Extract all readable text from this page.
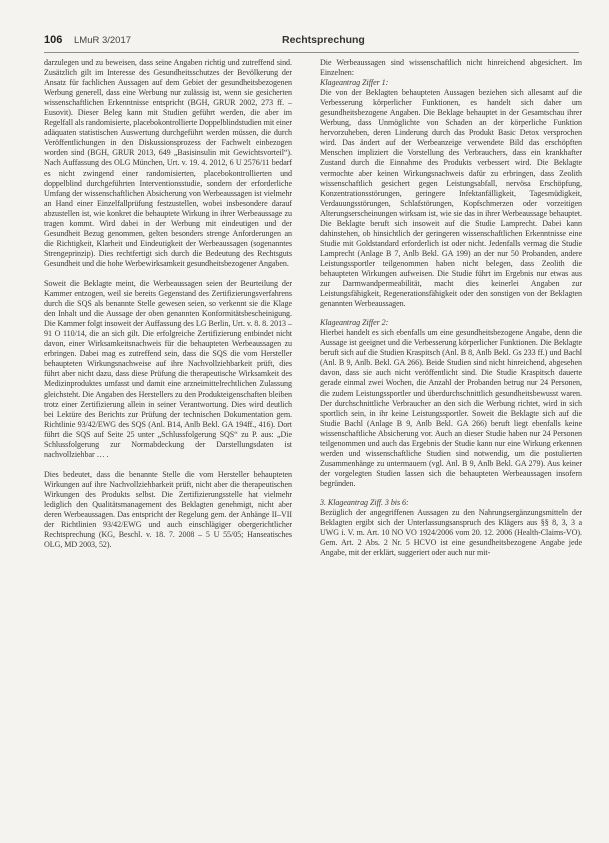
106 LMuR 3/2017	Rechtsprechung

darzulegen und zu beweisen, dass seine Angaben richtig und zutreffend sind. Zusätzlich gilt im Interesse des Gesundheitsschutzes der Bevölkerung der Ansatz für fachlichen Aussagen auf dem Gebiet der gesundheitsbezogenen Werbung generell, dass eine Werbung nur zulässig ist, wenn sie gesicherten wissenschaftlichen Erkenntnisse entspricht (BGH, GRUR 2002, 273 ff. – Eusovit). Dieser Beleg kann mit Studien geführt werden, die aber im Regelfall als randomisierte, placebokontrollierte Doppelblindstudien mit einer adäquaten statistischen Auswertung durchgeführt werden müssen, die durch Veröffentlichungen in den Diskussionsprozess der Fachwelt einbezogen worden sind (BGH, GRUR 2013, 649 „Basisinsulin mit Gewichtsvorteil“). Nach Auffassung des OLG München, Urt. v. 19. 4. 2012, 6 U 2576/11 bedarf es nicht zwingend einer randomisierten, placebokontrollierten und doppelblind durchgeführten Interventionsstudie, sondern der erforderliche Umfang der wissenschaftlichen Absicherung von Werbeaussagen ist vielmehr an Hand einer Einzelfallprüfung festzustellen, wobei insbesondere darauf abzustellen ist, wie konkret die behauptete Wirkung in ihrer Werbeaussage zu tragen kommt. Wird dabei in der Werbung mit eindeutigen und der Gesundheit Bezug genommen, gelten besonders strenge Anforderungen an die Richtigkeit, Klarheit und Eindeutigkeit der Werbeaussagen (sogenanntes Strengeprinzip). Dies rechtfertigt sich durch die Bedeutung des Rechtsguts Gesundheit und die hohe Werbewirksamkeit gesundheitsbezogener Angaben.

Soweit die Beklagte meint, die Werbeaussagen seien der Beurteilung der Kammer entzogen, weil sie bereits Gegenstand des Zertifizierungsverfahrens durch die SQS als benannte Stelle gewesen seien, so verkennt sie die Klage den Inhalt und die Aussage der oben genannten Konformitätsbescheinigung. Die Kammer folgt insoweit der Auffassung des LG Berlin, Urt. v. 8. 8. 2013 – 91 O 110/14, die an sich gilt. Die erfolgreiche Zertifizierung entbindet nicht davon, einer Wirksamkeitsnachweis für die behaupteten Werbeaussagen zu erbringen. Dabei mag es zutreffend sein, dass die SQS die vom Hersteller behaupteten Wirkungsnachweise auf ihre Nachvollziehbarkeit prüft, dies führt aber nicht dazu, dass diese Prüfung die therapeutische Wirksamkeit des Medizinproduktes umfasst und damit eine arzneimittelrechtlichen Zulassung gleichsteht. Die Angaben des Herstellers zu den Produkteigenschaften bleiben trotz einer Zertifizierung allein in seiner Verantwortung. Dies wird deutlich bei Lektüre des Berichts zur Prüfung der technischen Dokumentation gem. Richtlinie 93/42/EWG des SQS (Anl. B14, Anlb Bekl. GA 194ff., 416). Dort führt die SQS auf Seite 25 unter „Schlussfolgerung SQS“ zu P. aus: „Die Schlussfolgerung zur Normabdeckung der Darstellungsdaten ist nachvollziehbar … .

Dies bedeutet, dass die benannte Stelle die vom Hersteller behaupteten Wirkungen auf ihre Nachvollziehbarkeit prüft, nicht aber die therapeutischen Wirkungen des Produkts selbst. Die Zertifizierungsstelle hat vielmehr lediglich den Qualitätsmanagement des Beklagten genehmigt, nicht aber deren Werbeaussagen. Das entspricht der Regelung gem. der Anhänge II–VII der Richtlinien 93/42/EWG und auch einschlägiger obergerichtlicher Rechtsprechung (KG, Beschl. v. 18. 7. 2008 – 5 U 55/05; Hanseatisches OLG, MD 2003, 52).

Die Werbeaussagen sind wissenschaftlich nicht hinreichend abgesichert. Im Einzelnen:

Klageantrag Ziffer 1:

Die von der Beklagten behaupteten Aussagen beziehen sich allesamt auf die Verbesserung körperlicher Funktionen, es handelt sich daher um gesundheitsbezogene Angaben. Die Beklage behauptet in der Gesamtschau ihrer Werbung, dass Unmöglichte von Schaden an der körperliche Funktion hervorzuheben, deren Linderung durch das Produkt Basic Detox versprochen wird. Das ändert auf der Werbeanzeige verwendete Bild das erschöpften Menschen impliziert die Vorstellung des Verbrauchers, dass ein krankhafter Zustand durch die Einnahme des Produkts verbessert wird. Die Beklagte vermochte aber keinen Wirkungsnachweis dafür zu erbringen, dass Zeolith wissenschaftlich gesichert gegen Leistungsabfall, nervösa Erschöpfung, Konzentrationsstörungen, geringere Infektanfälligkeit, Tagesmüdigkeit, Verdauungsstörungen, Schlafstörungen, Kopfschmerzen oder vorzeitigen Alterungserscheinungen wirksam ist, wie sie das in ihrer Werbeaussage behauptet. Die Beklagte beruft sich insoweit auf die Studie Lamprecht. Dabei kann dahinstehen, ob hinsichtlich der geringeren wissenschaftlichen Erkenntnisse eine Studie mit Goldstandard erforderlich ist oder nicht. Jedenfalls vermag die Studie Lamprecht (Anlage B 7, Anlb Bekl. GA 199) an der nur 50 Probanden, andere Leistungssportler teilgenommen haben nicht belegen, dass Zeolith die behaupteten Wirkungen aufweisen. Die Studie führt im Ergebnis nur etwas aus zur Darmwandpermeabilität, macht dies keinerlei Angaben zur Leistungsfähigkeit, Regenerationsfähigkeit oder den sonstigen von der Beklagten genannten Werbeaussagen.

Klageantrag Ziffer 2:

Hierbei handelt es sich ebenfalls um eine gesundheitsbezogene Angabe, denn die Aussage ist geeignet und die Verbesserung körperlicher Funktionen. Die Beklagte beruft sich auf die Studien Kraspitsch (Anl. B 8, Anlb Bekl. Gs 233 ff.) und Bachl (Anl. B 9, Anlb. Bekl. GA 266). Beide Studien sind nicht hinreichend, abgesehen davon, dass sie auch nicht veröffentlicht sind. Die Studie Kraspitsch dauerte gerade einmal zwei Wochen, die Anzahl der Probanden betrug nur 24 Personen, die zudem Leistungssportler und überdurchschnittlich gesundheitsbewusst waren. Der durchschnittliche Verbraucher an den sich die Werbung richtet, wird in sich sportlich sein, in ihr keine Leistungssportler. Soweit die Beklagte sich auf die Studie Bachl (Anlage B 9, Anlb Bekl. GA 266) beruft liegt ebenfalls keine wissenschaftliche Absicherung vor. Auch an dieser Studie haben nur 24 Personen teilgenommen und auch das Ergebnis der Studie kann nur eine Wirkung erkennen werden und wissenschaftliche Studien sind notwendig, um die postulierten Zusammenhänge zu untermauern (vgl. Anl. B 9, Anlb Bekl. GA 279). Aus keiner der vorgelegten Studien lassen sich die behaupteten Werbeaussagen insofern begründen.

3. Klageantrag Ziff. 3 bis 6:

Bezüglich der angegriffenen Aussagen zu den Nahrungsergänzungsmitteln der Beklagten ergibt sich der Unterlassungsanspruch des Klägers aus §§ 8, 3, 3 a UWG i. V. m. Art. 10 NO VO 1924/2006 vom 20. 12. 2006 (Health-Claims-VO). Gem. Art. 2 Abs. 2 Nr. 5 HCVO ist eine gesundheitsbezogene Angabe jede Angabe, mit der erklärt, suggeriert oder auch nur mit-
